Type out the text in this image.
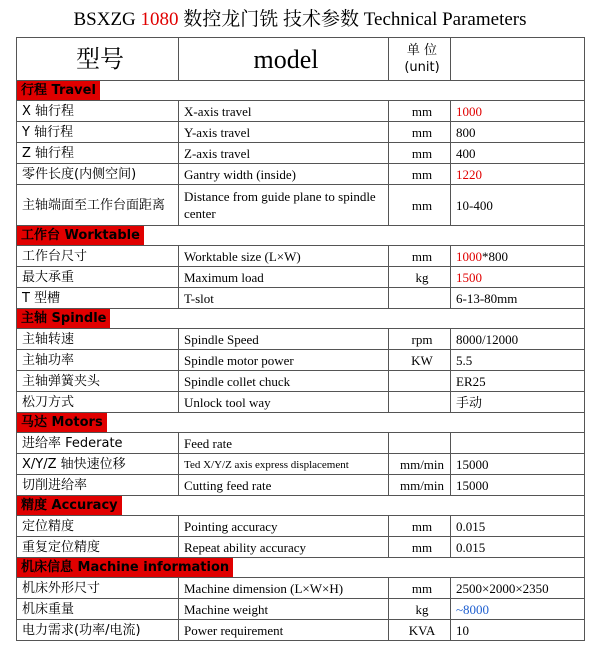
BSXZG 1080 数控龙门铣 技术参数 Technical Parameters
型号	model	单 位
(unit)	

行程 Travel			
X 轴行程	X-axis travel	mm	1000
Y 轴行程	Y-axis travel	mm	800
Z 轴行程	Z-axis travel	mm	400
零件长度(内侧空间)	Gantry width (inside)	mm	1220
主轴端面至工作台面距离	Distance from guide plane to spindle center	mm	10-400
工作台 Worktable			
工作台尺寸	Worktable size (L×W)	mm	1000*800
最大承重	Maximum load	kg	1500
T 型槽	T-slot		6-13-80mm
主轴 Spindle			
主轴转速	Spindle Speed	rpm	8000/12000
主轴功率	Spindle motor power	KW	5.5
主轴弹簧夹头	Spindle collet chuck		ER25
松刀方式	Unlock tool way		手动
马达 Motors			
进给率 Federate	Feed rate		
X/Y/Z 轴快速位移	Ted X/Y/Z axis express displacement	mm/min	15000
切削进给率	Cutting feed rate	mm/min	15000
精度 Accuracy			
定位精度	Pointing accuracy	mm	0.015
重复定位精度	Repeat ability accuracy	mm	0.015
机床信息 Machine information			
机床外形尺寸	Machine dimension (L×W×H)	mm	2500×2000×2350
机床重量	Machine weight	kg	~8000
电力需求(功率/电流)	Power requirement	KVA	10
